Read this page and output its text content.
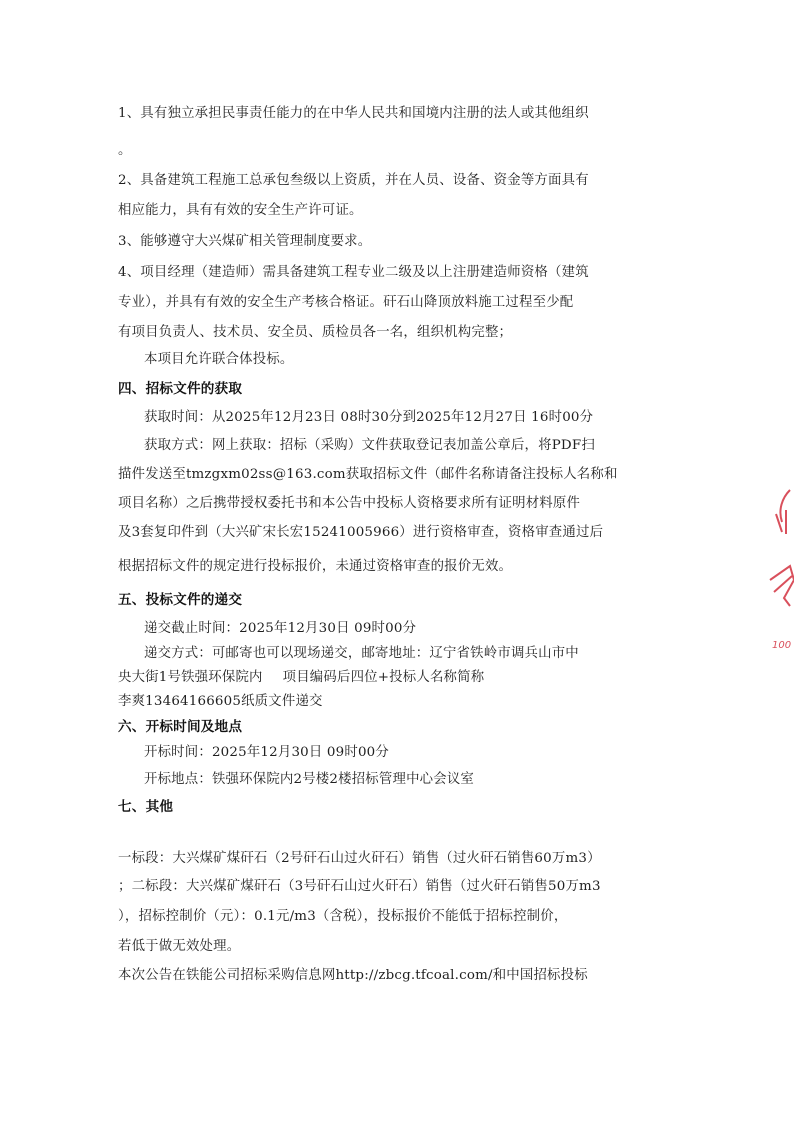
1、具有独立承担民事责任能力的在中华人民共和国境内注册的法人或其他组织
。
2、具备建筑工程施工总承包叁级以上资质，并在人员、设备、资金等方面具有
相应能力，具有有效的安全生产许可证。
3、能够遵守大兴煤矿相关管理制度要求。
4、项目经理（建造师）需具备建筑工程专业二级及以上注册建造师资格（建筑
专业），并具有有效的安全生产考核合格证。矸石山降顶放料施工过程至少配
有项目负责人、技术员、安全员、质检员各一名，组织机构完整；
本项目允许联合体投标。
四、招标文件的获取
获取时间：从2025年12月23日 08时30分到2025年12月27日 16时00分
获取方式：网上获取：招标（采购）文件获取登记表加盖公章后，将PDF扫
描件发送至tmzgxm02ss@163.com获取招标文件（邮件名称请备注投标人名称和
项目名称）之后携带授权委托书和本公告中投标人资格要求所有证明材料原件
及3套复印件到（大兴矿宋长宏15241005966）进行资格审查，资格审查通过后
根据招标文件的规定进行投标报价，未通过资格审查的报价无效。
五、投标文件的递交
递交截止时间：2025年12月30日 09时00分
递交方式：可邮寄也可以现场递交，邮寄地址：辽宁省铁岭市调兵山市中
央大街1号铁强环保院内 项目编码后四位+投标人名称简称
李爽13464166605纸质文件递交
六、开标时间及地点
开标时间：2025年12月30日 09时00分
开标地点：铁强环保院内2号楼2楼招标管理中心会议室
七、其他
一标段：大兴煤矿煤矸石（2号矸石山过火矸石）销售（过火矸石销售60万m3）
；二标段：大兴煤矿煤矸石（3号矸石山过火矸石）销售（过火矸石销售50万m3
），招标控制价（元）：0.1元/m3（含税），投标报价不能低于招标控制价，
若低于做无效处理。
本次公告在铁能公司招标采购信息网http://zbcg.tfcoal.com/和中国招标投标
100
